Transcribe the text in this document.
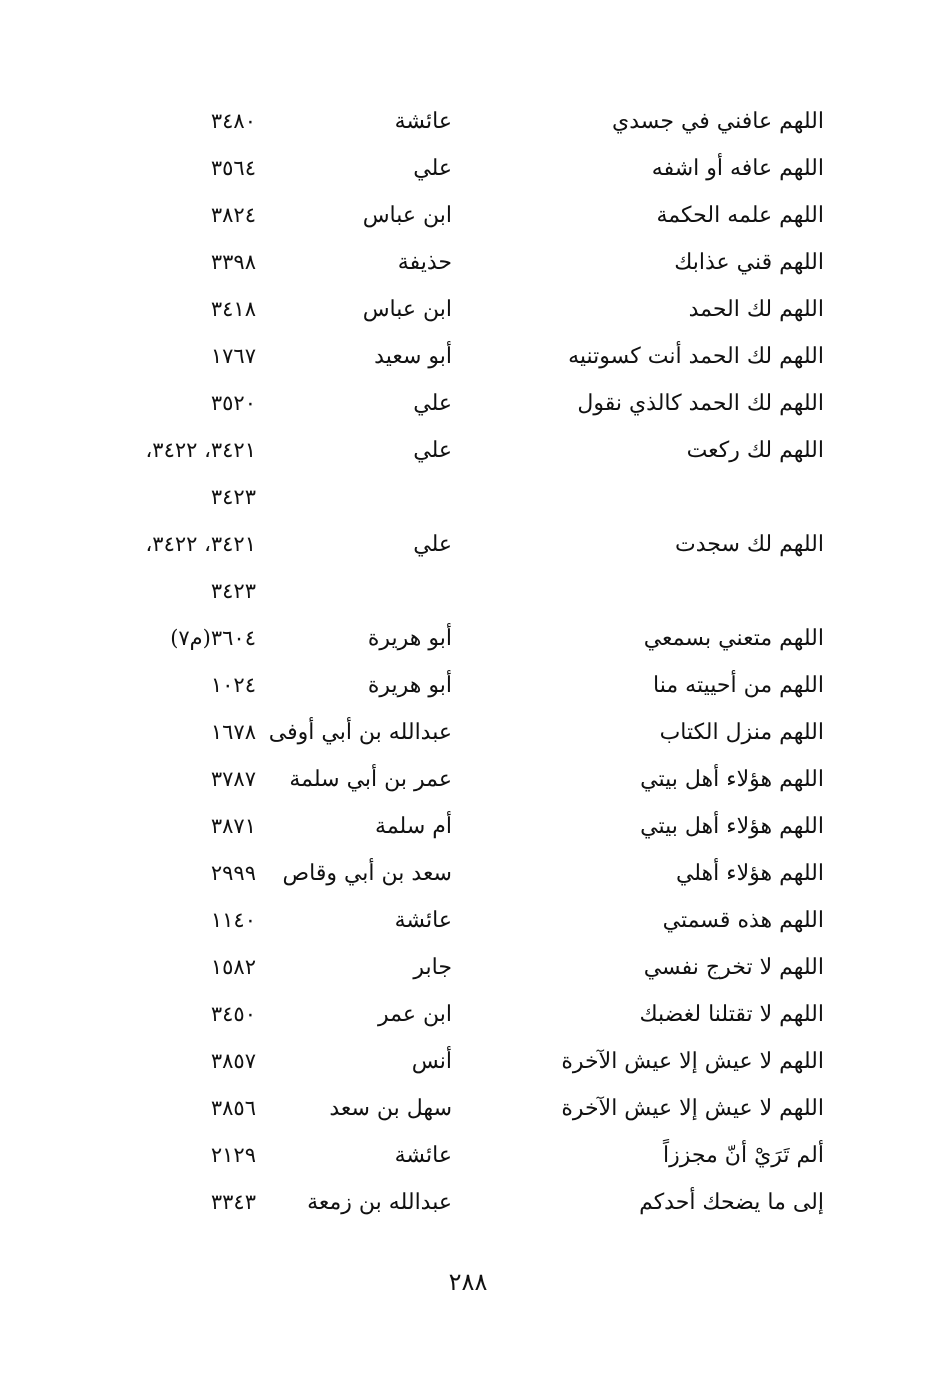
اللهم عافني في جسدي
عائشة
٣٤٨٠
اللهم عافه أو اشفه
علي
٣٥٦٤
اللهم علمه الحكمة
ابن عباس
٣٨٢٤
اللهم قني عذابك
حذيفة
٣٣٩٨
اللهم لك الحمد
ابن عباس
٣٤١٨
اللهم لك الحمد أنت كسوتنيه
أبو سعيد
١٧٦٧
اللهم لك الحمد كالذي نقول
علي
٣٥٢٠
اللهم لك ركعت
علي
٣٤٢١، ٣٤٢٢،
٣٤٢٣
اللهم لك سجدت
علي
٣٤٢١، ٣٤٢٢،
٣٤٢٣
اللهم متعني بسمعي
أبو هريرة
٣٦٠٤(م٧)
اللهم من أحييته منا
أبو هريرة
١٠٢٤
اللهم منزل الكتاب
عبدالله بن أبي أوفى
١٦٧٨
اللهم هؤلاء أهل بيتي
عمر بن أبي سلمة
٣٧٨٧
اللهم هؤلاء أهل بيتي
أم سلمة
٣٨٧١
اللهم هؤلاء أهلي
سعد بن أبي وقاص
٢٩٩٩
اللهم هذه قسمتي
عائشة
١١٤٠
اللهم لا تخرج نفسي
جابر
١٥٨٢
اللهم لا تقتلنا لغضبك
ابن عمر
٣٤٥٠
اللهم لا عيش إلا عيش الآخرة
أنس
٣٨٥٧
اللهم لا عيش إلا عيش الآخرة
سهل بن سعد
٣٨٥٦
ألم تَرَيْ أنّ مجززاً
عائشة
٢١٢٩
إلى ما يضحك أحدكم
عبدالله بن زمعة
٣٣٤٣
٢٨٨
